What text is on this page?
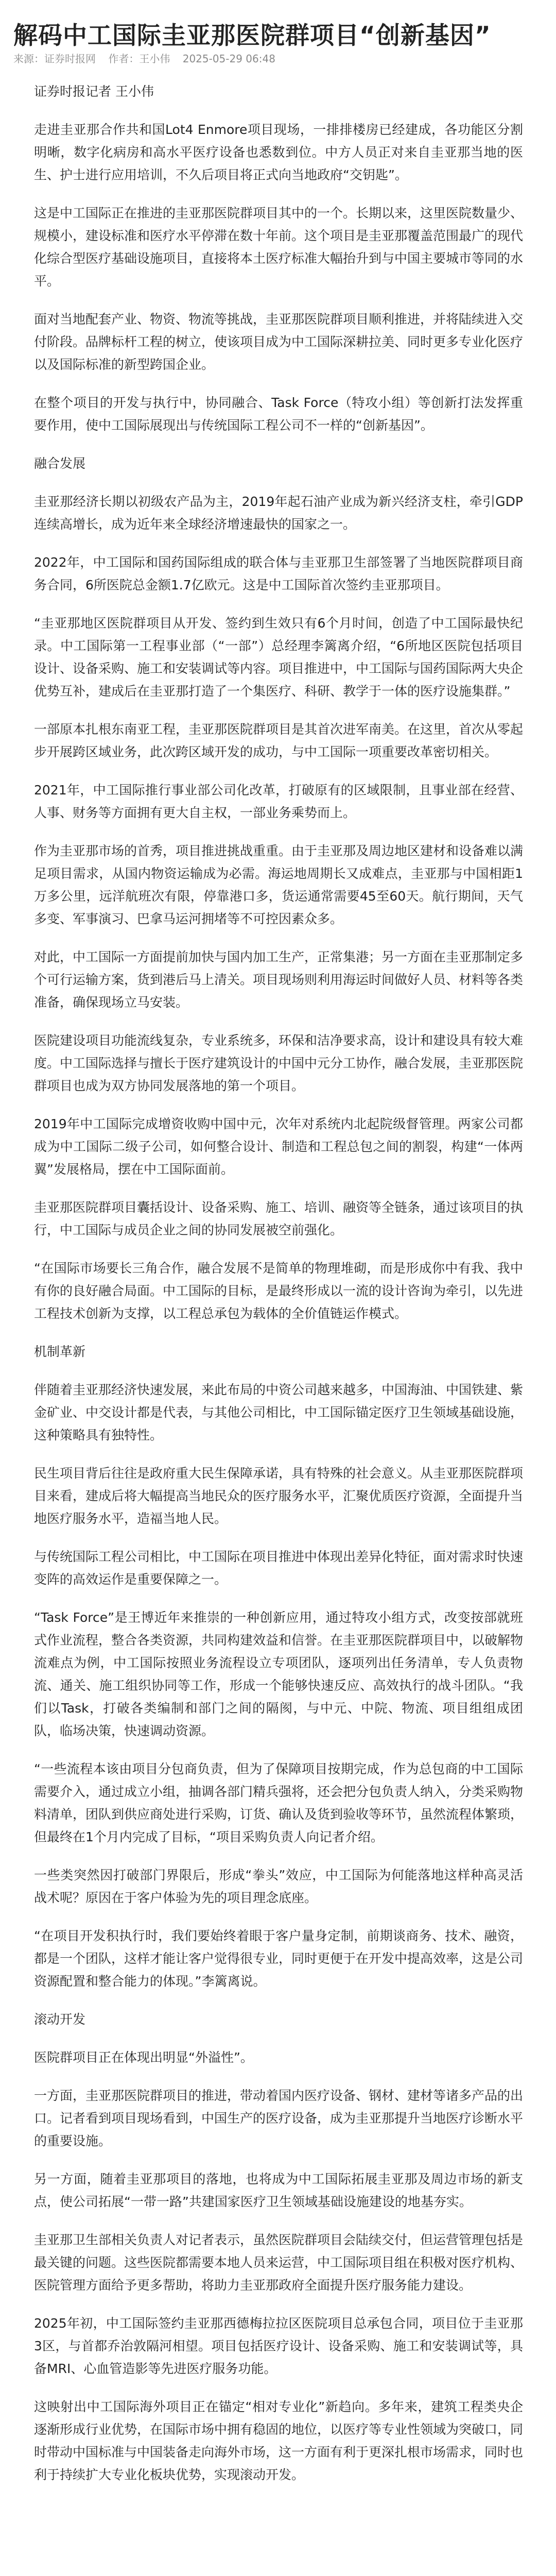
解码中工国际圭亚那医院群项目“创新基因”
来源：证券时报网 作者：王小伟 2025-05-29 06:48

证券时报记者 王小伟

走进圭亚那合作共和国Lot4 Enmore项目现场，一排排楼房已经建成，各功能区分割明晰，数字化病房和高水平医疗设备也悉数到位。中方人员正对来自圭亚那当地的医生、护士进行应用培训，不久后项目将正式向当地政府“交钥匙”。

这是中工国际正在推进的圭亚那医院群项目其中的一个。长期以来，这里医院数量少、规模小，建设标准和医疗水平停滞在数十年前。这个项目是圭亚那覆盖范围最广的现代化综合型医疗基础设施项目，直接将本土医疗标准大幅抬升到与中国主要城市等同的水平。

面对当地配套产业、物资、物流等挑战，圭亚那医院群项目顺利推进，并将陆续进入交付阶段。品牌标杆工程的树立，使该项目成为中工国际深耕拉美、同时更多专业化医疗以及国际标准的新型跨国企业。

在整个项目的开发与执行中，协同融合、Task Force（特攻小组）等创新打法发挥重要作用，使中工国际展现出与传统国际工程公司不一样的“创新基因”。

融合发展

圭亚那经济长期以初级农产品为主，2019年起石油产业成为新兴经济支柱，牵引GDP连续高增长，成为近年来全球经济增速最快的国家之一。

2022年，中工国际和国药国际组成的联合体与圭亚那卫生部签署了当地医院群项目商务合同，6所医院总金额1.7亿欧元。这是中工国际首次签约圭亚那项目。

“圭亚那地区医院群项目从开发、签约到生效只有6个月时间，创造了中工国际最快纪录。中工国际第一工程事业部（“一部”）总经理李篱离介绍，“6所地区医院包括项目设计、设备采购、施工和安装调试等内容。项目推进中，中工国际与国药国际两大央企优势互补，建成后在圭亚那打造了一个集医疗、科研、教学于一体的医疗设施集群。”

一部原本扎根东南亚工程，圭亚那医院群项目是其首次进军南美。在这里，首次从零起步开展跨区域业务，此次跨区域开发的成功，与中工国际一项重要改革密切相关。

2021年，中工国际推行事业部公司化改革，打破原有的区域限制，且事业部在经营、人事、财务等方面拥有更大自主权，一部业务乘势而上。

作为圭亚那市场的首秀，项目推进挑战重重。由于圭亚那及周边地区建材和设备难以满足项目需求，从国内物资运输成为必需。海运地周期长又成难点，圭亚那与中国相距1万多公里，远洋航班次有限，停靠港口多，货运通常需要45至60天。航行期间，天气多变、军事演习、巴拿马运河拥堵等不可控因素众多。

对此，中工国际一方面提前加快与国内加工生产，正常集港；另一方面在圭亚那制定多个可行运输方案，货到港后马上清关。项目现场则利用海运时间做好人员、材料等各类准备，确保现场立马安装。

医院建设项目功能流线复杂，专业系统多，环保和洁净要求高，设计和建设具有较大难度。中工国际选择与擅长于医疗建筑设计的中国中元分工协作，融合发展，圭亚那医院群项目也成为双方协同发展落地的第一个项目。

2019年中工国际完成增资收购中国中元，次年对系统内北起院级督管理。两家公司都成为中工国际二级子公司，如何整合设计、制造和工程总包之间的割裂，构建“一体两翼”发展格局，摆在中工国际面前。

圭亚那医院群项目囊括设计、设备采购、施工、培训、融资等全链条，通过该项目的执行，中工国际与成员企业之间的协同发展被空前强化。

“在国际市场要长三角合作，融合发展不是简单的物理堆砌，而是形成你中有我、我中有你的良好融合局面。中工国际的目标，是最终形成以一流的设计咨询为牵引，以先进工程技术创新为支撑，以工程总承包为载体的全价值链运作模式。

机制革新

伴随着圭亚那经济快速发展，来此布局的中资公司越来越多，中国海油、中国铁建、紫金矿业、中交设计都是代表，与其他公司相比，中工国际锚定医疗卫生领域基础设施，这种策略具有独特性。

民生项目背后往往是政府重大民生保障承诺，具有特殊的社会意义。从圭亚那医院群项目来看，建成后将大幅提高当地民众的医疗服务水平，汇聚优质医疗资源，全面提升当地医疗服务水平，造福当地人民。

与传统国际工程公司相比，中工国际在项目推进中体现出差异化特征，面对需求时快速变阵的高效运作是重要保障之一。

“Task Force”是王博近年来推崇的一种创新应用，通过特攻小组方式，改变按部就班式作业流程，整合各类资源，共同构建效益和信誉。在圭亚那医院群项目中，以破解物流难点为例，中工国际按照业务流程设立专项团队，逐项列出任务清单，专人负责物流、通关、施工组织协同等工作，形成一个能够快速反应、高效执行的战斗团队。“我们以Task，打破各类编制和部门之间的隔阂，与中元、中院、物流、项目组组成团队，临场决策，快速调动资源。

“一些流程本该由项目分包商负责，但为了保障项目按期完成，作为总包商的中工国际需要介入，通过成立小组，抽调各部门精兵强将，还会把分包负责人纳入，分类采购物料清单，团队到供应商处进行采购，订货、确认及货到验收等环节，虽然流程体繁琐，但最终在1个月内完成了目标，“项目采购负责人向记者介绍。

一些类突然因打破部门界限后，形成“拳头”效应，中工国际为何能落地这样种高灵活战术呢？原因在于客户体验为先的项目理念底座。

“在项目开发积执行时，我们要始终着眼于客户量身定制，前期谈商务、技术、融资，都是一个团队，这样才能让客户觉得很专业，同时更便于在开发中提高效率，这是公司资源配置和整合能力的体现。”李篱离说。

滚动开发

医院群项目正在体现出明显“外溢性”。

一方面，圭亚那医院群项目的推进，带动着国内医疗设备、钢材、建材等诸多产品的出口。记者看到项目现场看到，中国生产的医疗设备，成为圭亚那提升当地医疗诊断水平的重要设施。

另一方面，随着圭亚那项目的落地，也将成为中工国际拓展圭亚那及周边市场的新支点，使公司拓展“一带一路”共建国家医疗卫生领域基础设施建设的地基夯实。

圭亚那卫生部相关负责人对记者表示，虽然医院群项目会陆续交付，但运营管理包括是最关键的问题。这些医院都需要本地人员来运营，中工国际项目组在积极对医疗机构、医院管理方面给予更多帮助，将助力圭亚那政府全面提升医疗服务能力建设。

2025年初，中工国际签约圭亚那西德梅拉拉区医院项目总承包合同，项目位于圭亚那3区，与首都乔治敦隔河相望。项目包括医疗设计、设备采购、施工和安装调试等，具备MRI、心血管造影等先进医疗服务功能。

这映射出中工国际海外项目正在锚定“相对专业化”新趋向。多年来，建筑工程类央企逐渐形成行业优势，在国际市场中拥有稳固的地位，以医疗等专业性领域为突破口，同时带动中国标准与中国装备走向海外市场，这一方面有利于更深扎根市场需求，同时也利于持续扩大专业化板块优势，实现滚动开发。
